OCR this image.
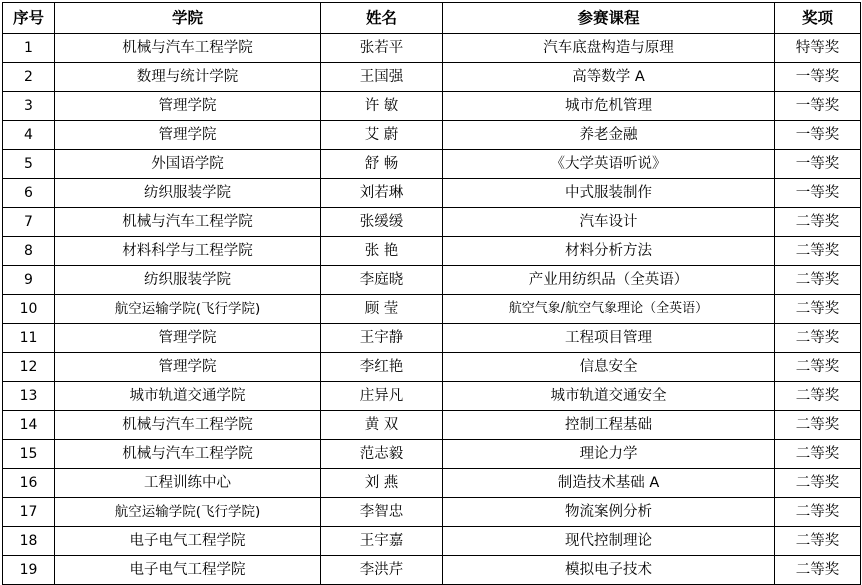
序号	学院	姓名	参赛课程	奖项
1	机械与汽车工程学院	张若平	汽车底盘构造与原理	特等奖
2	数理与统计学院	王国强	高等数学 A	一等奖
3	管理学院	许 敏	城市危机管理	一等奖
4	管理学院	艾 蔚	养老金融	一等奖
5	外国语学院	舒 畅	《大学英语听说》	一等奖
6	纺织服装学院	刘若琳	中式服装制作	一等奖
7	机械与汽车工程学院	张缓缓	汽车设计	二等奖
8	材料科学与工程学院	张 艳	材料分析方法	二等奖
9	纺织服装学院	李庭晓	产业用纺织品（全英语）	二等奖
10	航空运输学院(飞行学院)	顾 莹	航空气象/航空气象理论（全英语）	二等奖
11	管理学院	王宇静	工程项目管理	二等奖
12	管理学院	李红艳	信息安全	二等奖
13	城市轨道交通学院	庄异凡	城市轨道交通安全	二等奖
14	机械与汽车工程学院	黄 双	控制工程基础	二等奖
15	机械与汽车工程学院	范志毅	理论力学	二等奖
16	工程训练中心	刘 燕	制造技术基础 A	二等奖
17	航空运输学院(飞行学院)	李智忠	物流案例分析	二等奖
18	电子电气工程学院	王宇嘉	现代控制理论	二等奖
19	电子电气工程学院	李洪芹	模拟电子技术	二等奖
